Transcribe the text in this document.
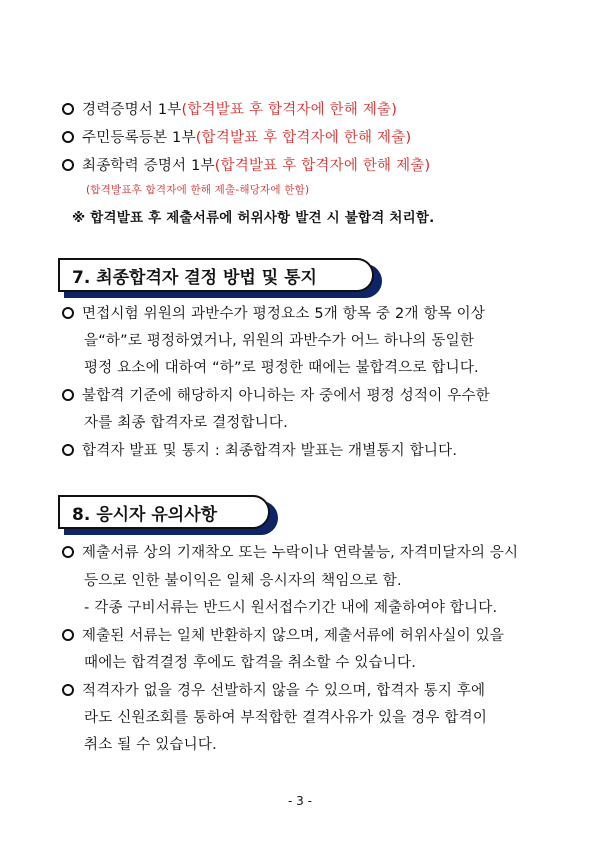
경력증명서 1부(합격발표 후 합격자에 한해 제출)
주민등록등본 1부(합격발표 후 합격자에 한해 제출)
최종학력 증명서 1부(합격발표 후 합격자에 한해 제출)
(합격발표후 합격자에 한해 제출-해당자에 한함)
※ 합격발표 후 제출서류에 허위사항 발견 시 불합격 처리함.
7. 최종합격자 결정 방법 및 통지
면접시험 위원의 과반수가 평정요소 5개 항목 중 2개 항목 이상
을“하”로 평정하였거나, 위원의 과반수가 어느 하나의 동일한
평정 요소에 대하여 “하”로 평정한 때에는 불합격으로 합니다.
불합격 기준에 해당하지 아니하는 자 중에서 평정 성적이 우수한
자를 최종 합격자로 결정합니다.
합격자 발표 및 통지 : 최종합격자 발표는 개별통지 합니다.
8. 응시자 유의사항
제출서류 상의 기재착오 또는 누락이나 연락불능, 자격미달자의 응시
등으로 인한 불이익은 일체 응시자의 책임으로 함.
- 각종 구비서류는 반드시 원서접수기간 내에 제출하여야 합니다.
제출된 서류는 일체 반환하지 않으며, 제출서류에 허위사실이 있을
때에는 합격결정 후에도 합격을 취소할 수 있습니다.
적격자가 없을 경우 선발하지 않을 수 있으며, 합격자 통지 후에
라도 신원조회를 통하여 부적합한 결격사유가 있을 경우 합격이
취소 될 수 있습니다.
- 3 -
